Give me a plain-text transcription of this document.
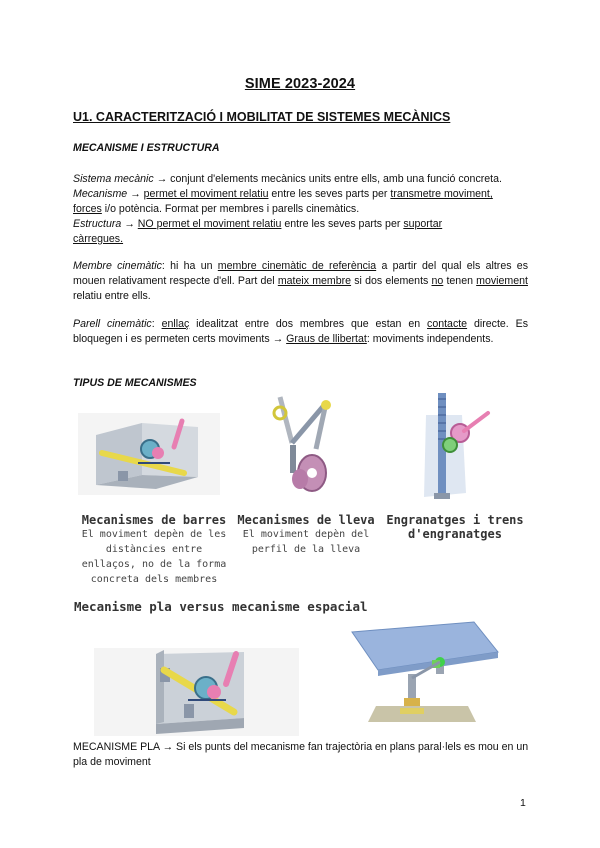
SIME 2023-2024
U1. CARACTERITZACIÓ I MOBILITAT DE SISTEMES MECÀNICS
MECANISME I ESTRUCTURA
Sistema mecànic → conjunt d'elements mecànics units entre ells, amb una funció concreta.
Mecanisme → permet el moviment relatiu entre les seves parts per transmetre moviment,
forces i/o potència. Format per membres i parells cinemàtics.
Estructura → NO permet el moviment relatiu entre les seves parts per suportar
càrregues.
Membre cinemàtic: hi ha un membre cinemàtic de referència a partir del qual els altres es mouen relativament respecte d'ell. Part del mateix membre si dos elements no tenen moviement relatiu entre ells.
Parell cinemàtic: enllaç idealitzat entre dos membres que estan en contacte directe. Es bloquegen i es permeten certs moviments → Graus de llibertat: moviments independents.
TIPUS DE MECANISMES
Mecanismes de barres
El moviment depèn de les
distàncies entre
enllaços, no de la forma
concreta dels membres
Mecanismes de lleva
El moviment depèn del
perfil de la lleva
Engranatges i trens
d'engranatges
Mecanisme pla versus mecanisme espacial
MECANISME PLA → Si els punts del mecanisme fan trajectòria en plans paral·lels es mou en un pla de moviment
1
